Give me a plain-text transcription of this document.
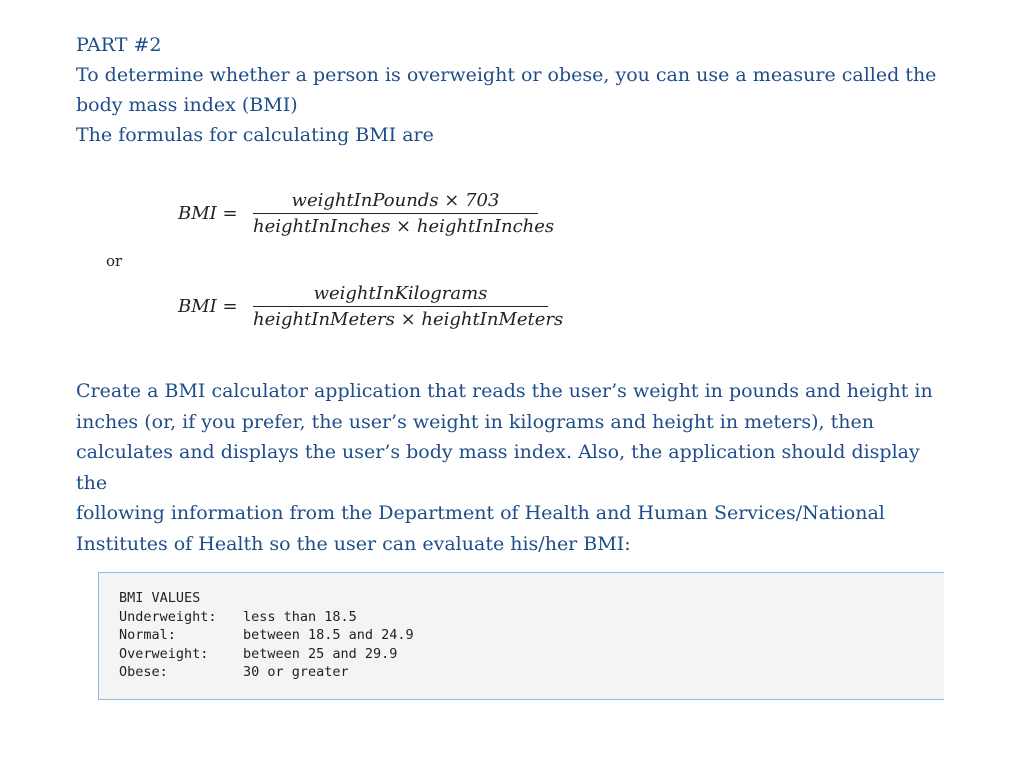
PART #2
To determine whether a person is overweight or obese, you can use a measure called the
body mass index (BMI)
The formulas for calculating BMI are
BMI =
weightInPounds × 703
heightInInches × heightInInches
or
BMI =
weightInKilograms
heightInMeters × heightInMeters
Create a BMI calculator application that reads the user’s weight in pounds and height in
inches (or, if you prefer, the user’s weight in kilograms and height in meters), then
calculates and displays the user’s body mass index. Also, the application should display the
following information from the Department of Health and Human Services/National
Institutes of Health so the user can evaluate his/her BMI:
BMI VALUES
Underweight:	less than 18.5
Normal:	between 18.5 and 24.9
Overweight:	between 25 and 29.9
Obese:	30 or greater
